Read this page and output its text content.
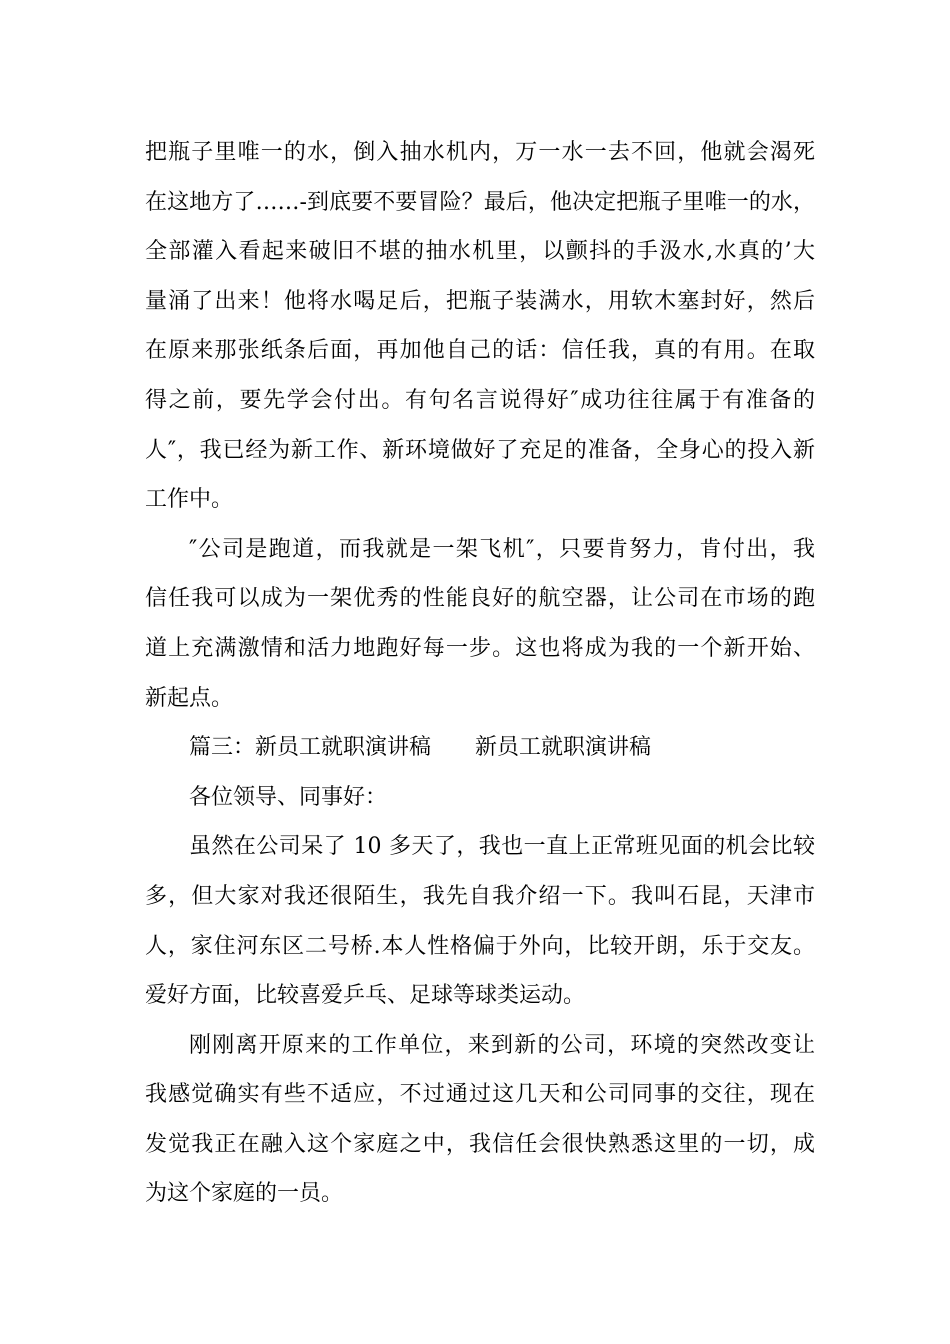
把瓶子里唯一的水，倒入抽水机内，万一水一去不回，他就会渴死
在这地方了……-到底要不要冒险？最后，他决定把瓶子里唯一的水，
全部灌入看起来破旧不堪的抽水机里，以颤抖的手汲水,水真的’大
量涌了出来！他将水喝足后，把瓶子装满水，用软木塞封好，然后
在原来那张纸条后面，再加他自己的话：信任我，真的有用。在取
得之前，要先学会付出。有句名言说得好″成功往往属于有准备的
人″，我已经为新工作、新环境做好了充足的准备，全身心的投入新
工作中。
″公司是跑道，而我就是一架飞机″，只要肯努力，肯付出，我
信任我可以成为一架优秀的性能良好的航空器，让公司在市场的跑
道上充满激情和活力地跑好每一步。这也将成为我的一个新开始、
新起点。
篇三：新员工就职演讲稿 新员工就职演讲稿
各位领导、同事好：
虽然在公司呆了 10 多天了，我也一直上正常班见面的机会比较
多，但大家对我还很陌生，我先自我介绍一下。我叫石昆，天津市
人，家住河东区二号桥.本人性格偏于外向，比较开朗，乐于交友。
爱好方面，比较喜爱乒乓、足球等球类运动。
刚刚离开原来的工作单位，来到新的公司，环境的突然改变让
我感觉确实有些不适应，不过通过这几天和公司同事的交往，现在
发觉我正在融入这个家庭之中，我信任会很快熟悉这里的一切，成
为这个家庭的一员。
